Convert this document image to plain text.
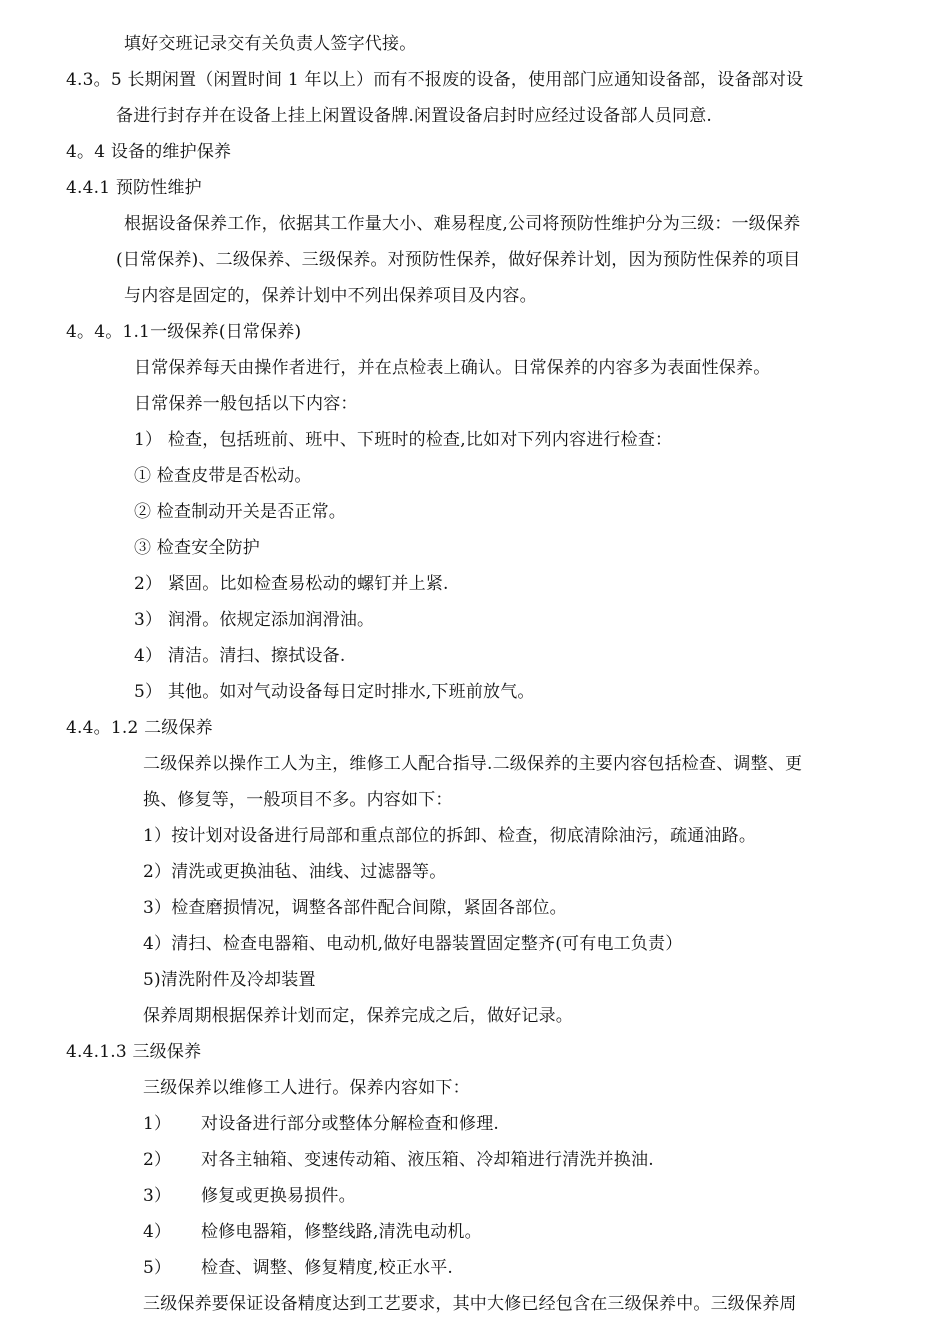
填好交班记录交有关负责人签字代接。
4.3。5 长期闲置（闲置时间 1 年以上）而有不报废的设备，使用部门应通知设备部，设备部对设
备进行封存并在设备上挂上闲置设备牌.闲置设备启封时应经过设备部人员同意.
4。4 设备的维护保养
4.4.1 预防性维护
根据设备保养工作，依据其工作量大小、难易程度,公司将预防性维护分为三级：一级保养
(日常保养)、二级保养、三级保养。对预防性保养，做好保养计划，因为预防性保养的项目
与内容是固定的，保养计划中不列出保养项目及内容。
4。4。1.1一级保养(日常保养)
日常保养每天由操作者进行，并在点检表上确认。日常保养的内容多为表面性保养。
日常保养一般包括以下内容：
1） 检查，包括班前、班中、下班时的检查,比如对下列内容进行检查：
① 检查皮带是否松动。
② 检查制动开关是否正常。
③ 检查安全防护
2） 紧固。比如检查易松动的螺钉并上紧.
3） 润滑。依规定添加润滑油。
4） 清洁。清扫、擦拭设备.
5） 其他。如对气动设备每日定时排水,下班前放气。
4.4。1.2 二级保养
二级保养以操作工人为主，维修工人配合指导.二级保养的主要内容包括检查、调整、更
换、修复等，一般项目不多。内容如下：
1）按计划对设备进行局部和重点部位的拆卸、检查，彻底清除油污，疏通油路。
2）清洗或更换油毡、油线、过滤器等。
3）检查磨损情况，调整各部件配合间隙，紧固各部位。
4）清扫、检查电器箱、电动机,做好电器装置固定整齐(可有电工负责）
5)清洗附件及冷却装置
保养周期根据保养计划而定，保养完成之后，做好记录。
4.4.1.3 三级保养
三级保养以维修工人进行。保养内容如下：
1） 对设备进行部分或整体分解检查和修理.
2） 对各主轴箱、变速传动箱、液压箱、冷却箱进行清洗并换油.
3） 修复或更换易损件。
4） 检修电器箱，修整线路,清洗电动机。
5） 检查、调整、修复精度,校正水平.
三级保养要保证设备精度达到工艺要求，其中大修已经包含在三级保养中。三级保养周
